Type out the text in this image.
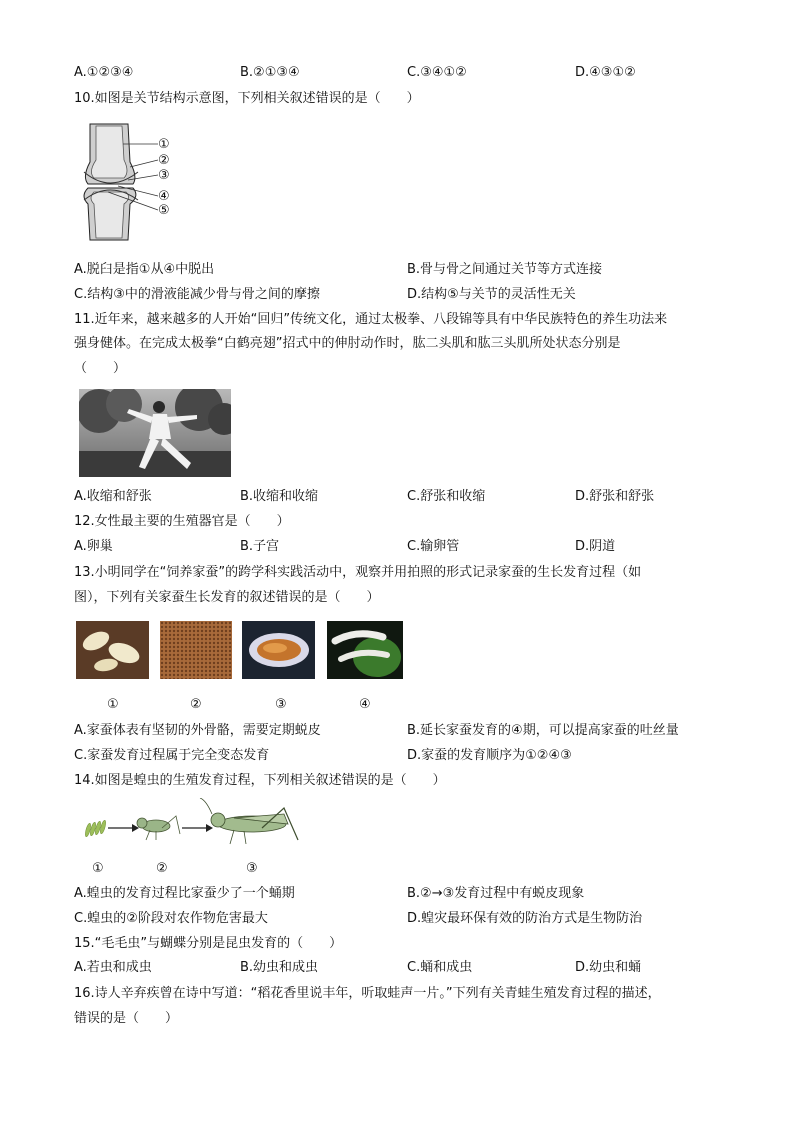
A.①②③④	B.②①③④	C.③④①②	D.④③①②
10.如图是关节结构示意图，下列相关叙述错误的是（　　）
①
②
③
④
⑤
A.脱臼是指①从④中脱出	B.骨与骨之间通过关节等方式连接
C.结构③中的滑液能减少骨与骨之间的摩擦	D.结构⑤与关节的灵活性无关
11.近年来，越来越多的人开始“回归”传统文化，通过太极拳、八段锦等具有中华民族特色的养生功法来
强身健体。在完成太极拳“白鹤亮翅”招式中的伸肘动作时，肱二头肌和肱三头肌所处状态分别是
（　　）
A.收缩和舒张	B.收缩和收缩	C.舒张和收缩	D.舒张和舒张
12.女性最主要的生殖器官是（　　）
A.卵巢	B.子宫	C.输卵管	D.阴道
13.小明同学在“饲养家蚕”的跨学科实践活动中，观察并用拍照的形式记录家蚕的生长发育过程（如
图），下列有关家蚕生长发育的叙述错误的是（　　）
①	②	③	④
A.家蚕体表有坚韧的外骨骼，需要定期蜕皮	B.延长家蚕发育的④期，可以提高家蚕的吐丝量
C.家蚕发育过程属于完全变态发育	D.家蚕的发育顺序为①②④③
14.如图是蝗虫的生殖发育过程，下列相关叙述错误的是（　　）
①	②	③
A.蝗虫的发育过程比家蚕少了一个蛹期	B.②→③发育过程中有蜕皮现象
C.蝗虫的②阶段对农作物危害最大	D.蝗灾最环保有效的防治方式是生物防治
15.“毛毛虫”与蝴蝶分别是昆虫发育的（　　）
A.若虫和成虫	B.幼虫和成虫	C.蛹和成虫	D.幼虫和蛹
16.诗人辛弃疾曾在诗中写道：“稻花香里说丰年，听取蛙声一片。”下列有关青蛙生殖发育过程的描述，
错误的是（　　）
